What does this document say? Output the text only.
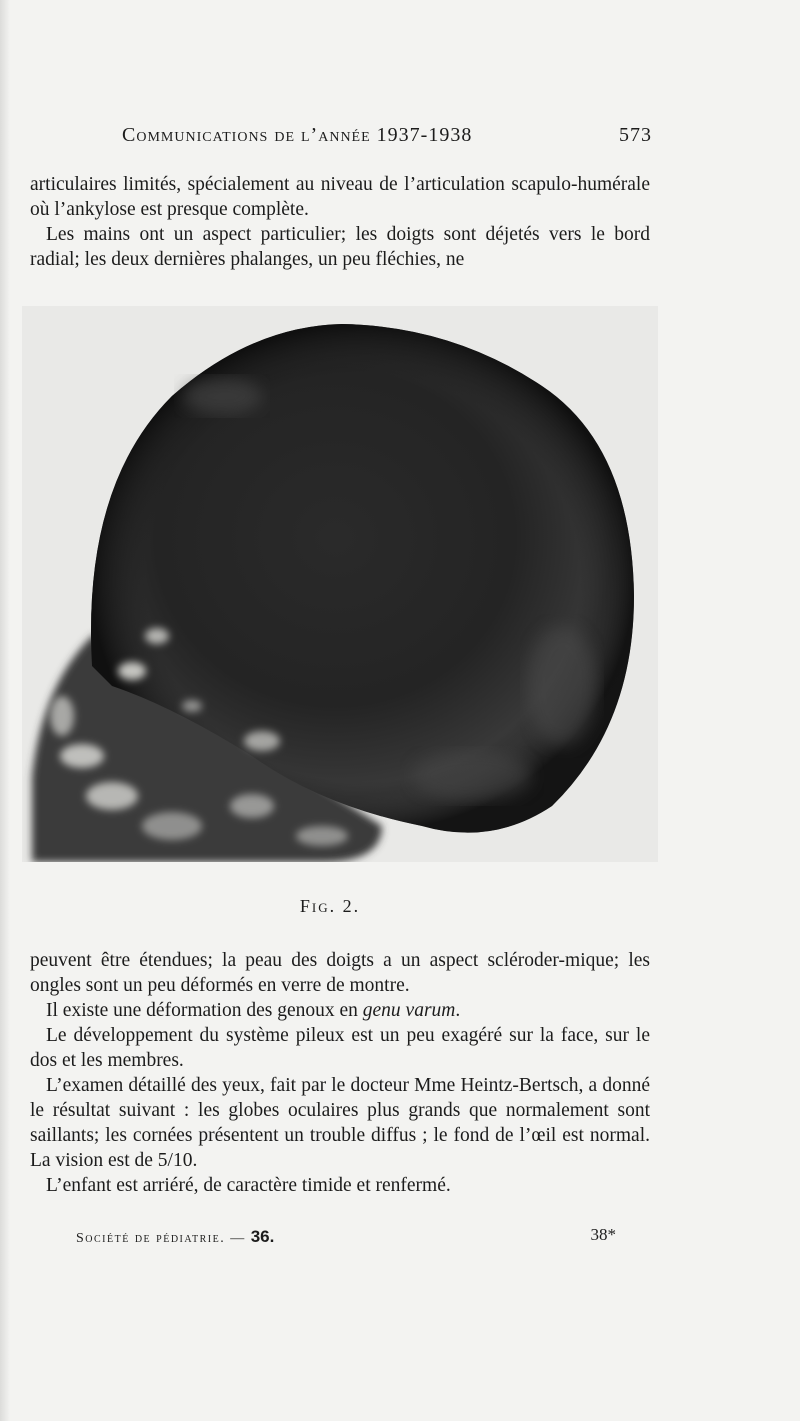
Communications de l’année 1937-1938	573

articulaires limités, spécialement au niveau de l’articulation scapulo-humérale où l’ankylose est presque complète.

Les mains ont un aspect particulier; les doigts sont déjetés vers le bord radial; les deux dernières phalanges, un peu fléchies, ne

Fig. 2.

peuvent être étendues; la peau des doigts a un aspect scléroder-mique; les ongles sont un peu déformés en verre de montre.

Il existe une déformation des genoux en genu varum.

Le développement du système pileux est un peu exagéré sur la face, sur le dos et les membres.

L’examen détaillé des yeux, fait par le docteur Mme Heintz-Bertsch, a donné le résultat suivant : les globes oculaires plus grands que normalement sont saillants; les cornées présentent un trouble diffus ; le fond de l’œil est normal. La vision est de 5/10.

L’enfant est arriéré, de caractère timide et renfermé.

Société de pédiatrie. — 36.	38*
